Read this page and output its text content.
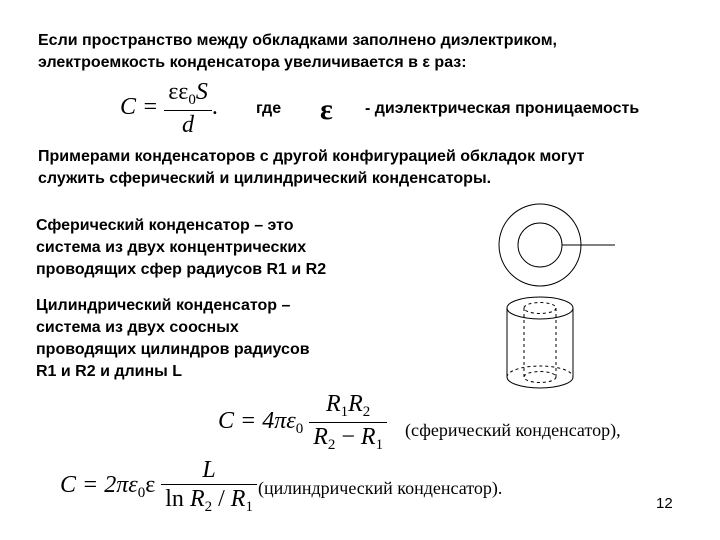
Если пространство между обкладками заполнено диэлектриком,
электроемкость конденсатора увеличивается в ε раз:
$C = \frac{\varepsilon\varepsilon_0S}{d}$ . где ε - диэлектрическая проницаемость
Примерами конденсаторов с другой конфигурацией обкладок могут
служить сферический и цилиндрический конденсаторы.
Сферический конденсатор – это
система из двух концентрических
проводящих сфер радиусов R1 и R2
Цилиндрический конденсатор –
система из двух соосных
проводящих цилиндров радиусов
R1 и R2 и длины L
$C = 4\pi\varepsilon_0 \frac{R_1R_2}{R_2 - R_1}$ (сферический конденсатор),
$C = 2\pi\varepsilon_0\varepsilon \frac{L}{\ln R_2 / R_1}$ (цилиндрический конденсатор).
12
